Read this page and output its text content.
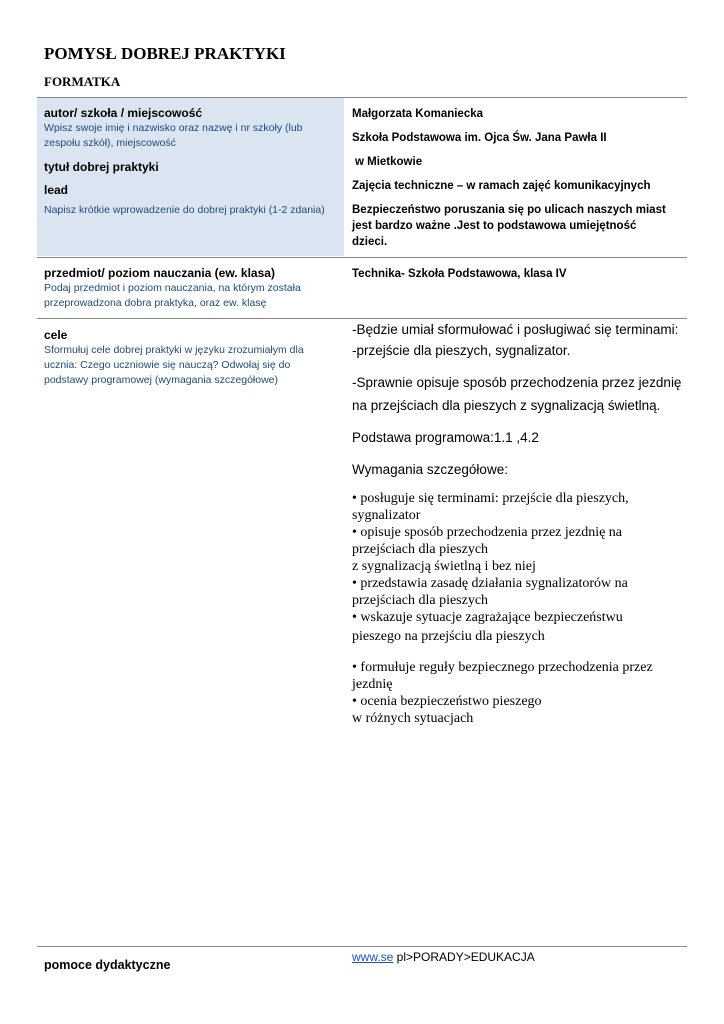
POMYSŁ DOBREJ PRAKTYKI
FORMATKA
autor/ szkoła / miejscowość
Wpisz swoje imię i nazwisko oraz nazwę i nr szkoły (lub zespołu szkół), miejscowość
tytuł dobrej praktyki
lead
Napisz krótkie wprowadzenie do dobrej praktyki (1-2 zdania)
Małgorzata Komaniecka
Szkoła Podstawowa im. Ojca Św. Jana Pawła II
w Mietkowie
Zajęcia techniczne – w ramach zajęć komunikacyjnych
Bezpieczeństwo poruszania się po ulicach naszych miast jest bardzo ważne .Jest to podstawowa umiejętność dzieci.
przedmiot/ poziom nauczania (ew. klasa)
Podaj przedmiot i poziom nauczania, na którym została przeprowadzona dobra praktyka, oraz ew. klasę
Technika- Szkoła Podstawowa, klasa IV
cele
Sformułuj cele dobrej praktyki w języku zrozumiałym dla ucznia: Czego uczniowie się nauczą? Odwołaj się do podstawy programowej (wymagania szczegółowe)
-Będzie umiał sformułować i posługiwać się terminami:
-przejście dla pieszych, sygnalizator.
-Sprawnie opisuje sposób przechodzenia przez jezdnię
na przejściach dla pieszych z sygnalizacją świetlną.
Podstawa programowa:1.1 ,4.2
Wymagania szczegółowe:
• posługuje się terminami: przejście dla pieszych,
sygnalizator
• opisuje sposób przechodzenia przez jezdnię na
przejściach dla pieszych
z sygnalizacją świetlną i bez niej
• przedstawia zasadę działania sygnalizatorów na
przejściach dla pieszych
• wskazuje sytuacje zagrażające bezpieczeństwu
pieszego na przejściu dla pieszych
• formułuje reguły bezpiecznego przechodzenia przez
jezdnię
• ocenia bezpieczeństwo pieszego
w różnych sytuacjach
pomoce dydaktyczne
www.se pl>PORADY>EDUKACJA
